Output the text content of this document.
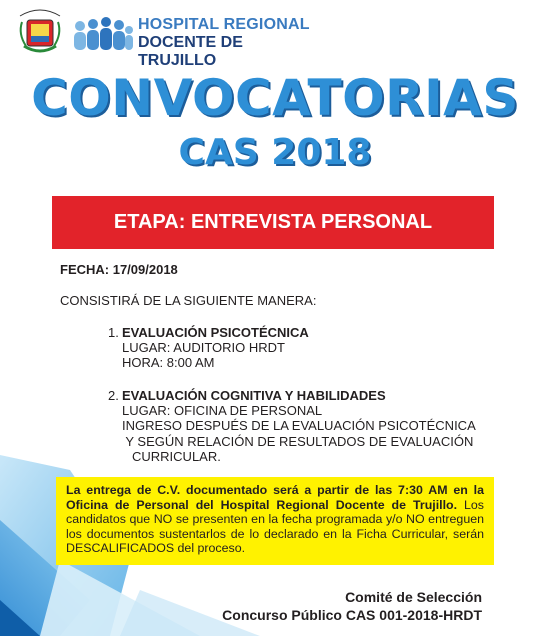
HOSPITAL REGIONAL
DOCENTE DE TRUJILLO
CONVOCATORIAS
CAS 2018
ETAPA: ENTREVISTA PERSONAL
FECHA: 17/09/2018
CONSISTIRÁ DE LA SIGUIENTE MANERA:
1. EVALUACIÓN PSICOTÉCNICA
LUGAR: AUDITORIO HRDT
HORA: 8:00 AM
2. EVALUACIÓN COGNITIVA Y HABILIDADES
LUGAR: OFICINA DE PERSONAL
INGRESO DESPUÉS DE LA EVALUACIÓN PSICOTÉCNICA
Y SEGÚN RELACIÓN DE RESULTADOS DE EVALUACIÓN
CURRICULAR.
La entrega de C.V. documentado será a partir de las 7:30 AM en la Oficina de Personal del Hospital Regional Docente de Trujillo. Los candidatos que NO se presenten en la fecha programada y/o NO entreguen los documentos sustentarlos de lo declarado en la Ficha Curricular, serán DESCALIFICADOS del proceso.
Comité de Selección
Concurso Público CAS 001-2018-HRDT
